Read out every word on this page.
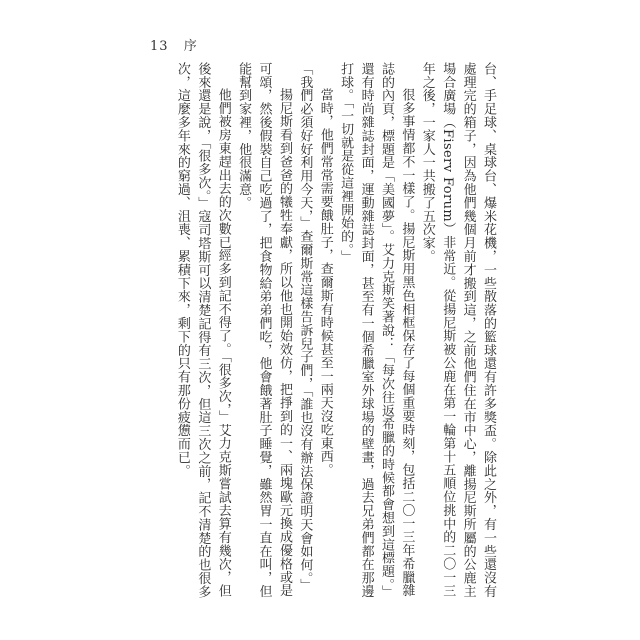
13 序

台、手足球、桌球台、爆米花機，一些散落的籃球還有許多獎盃。除此之外，有一些還沒有處理完的箱子，因為他們幾個月前才搬到這，之前他們住在市中心，離揚尼斯所屬的公鹿主場合廣場（Fiserv Forum）非常近。從揚尼斯被公鹿在第一輪第十五順位挑中的二〇一三年之後，一家人一共搬了五次家。

很多事情都不一樣了。揚尼斯用黑色相框保存了每個重要時刻，包括二〇一三年希臘雜誌的內頁，標題是「美國夢」。艾力克斯笑著說：「每次往返希臘的時候都會想到這標題。」還有時尚雜誌封面，運動雜誌封面，甚至有一個希臘室外球場的壁畫，過去兄弟們都在那邊打球。「一切就是從這裡開始的。」

當時，他們常常需要餓肚子，查爾斯有時候甚至一兩天沒吃東西。

「我們必須好好利用今天，」查爾斯常這樣告訴兒子們，「誰也沒有辦法保證明天會如何。」

揚尼斯看到爸爸的犧牲奉獻，所以他也開始效仿，把掙到的一、兩塊歐元換成優格或是可頌，然後假裝自己吃過了，把食物給弟弟們吃，他會餓著肚子睡覺，雖然胃一直在叫，但能幫到家裡，他很滿意。

他們被房東趕出去的次數已經多到記不得了。「很多次，」艾力克斯嘗試去算有幾次，但後來還是說，「很多次。」寇司塔斯可以清楚記得有三次，但這三次之前，記不清楚的也很多次，這麼多年來的窮過、沮喪、累積下來，剩下的只有那份疲憊而已。
